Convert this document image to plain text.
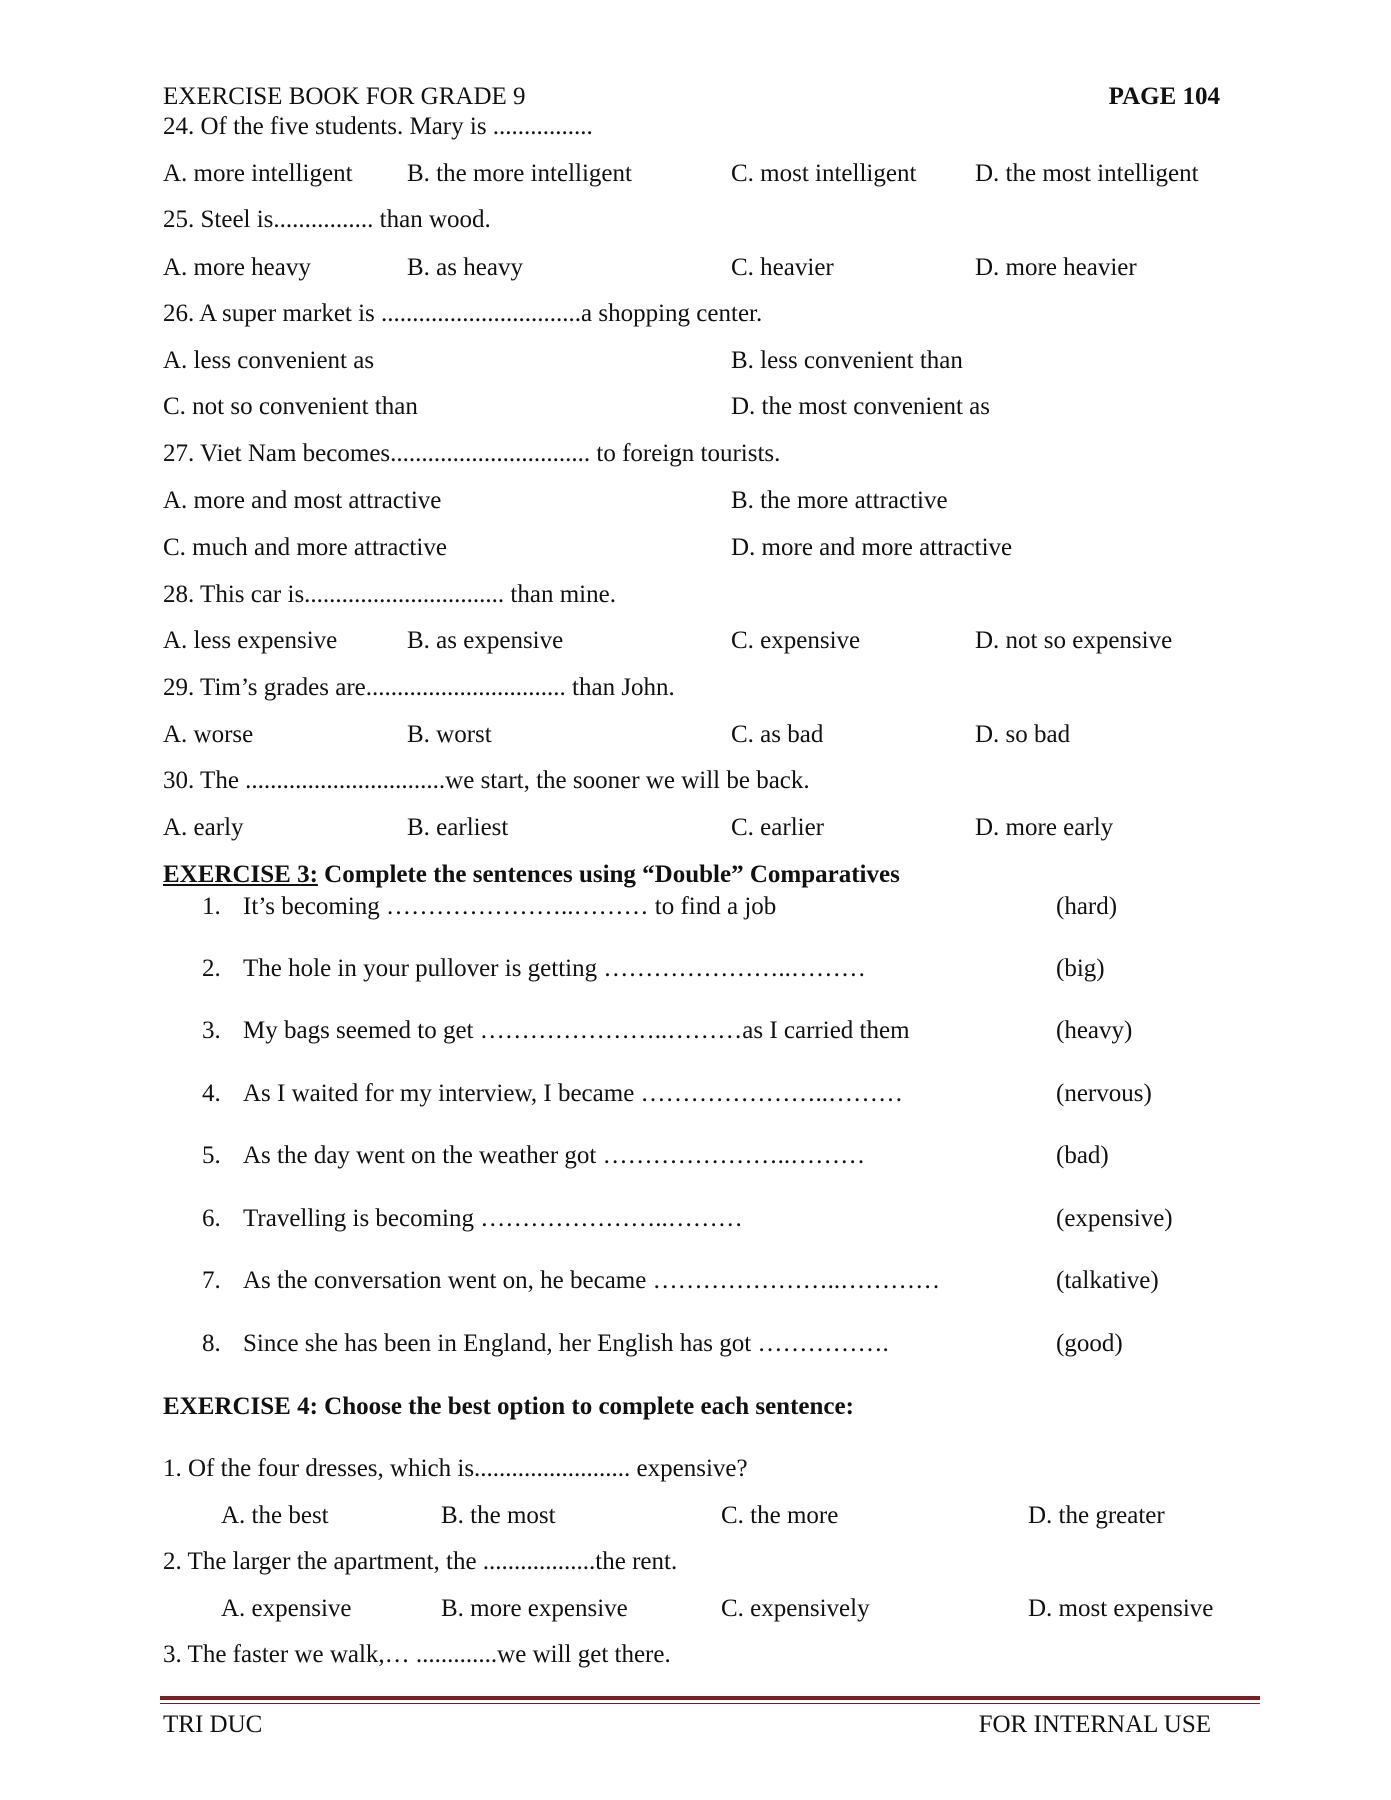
EXERCISE BOOK FOR GRADE 9	PAGE 104
24. Of the five students. Mary is ................
A. more intelligent B. the more intelligent	C. most intelligent D. the most intelligent
25. Steel is................ than wood.
A. more heavy	B. as heavy	C. heavier	D. more heavier
26. A super market is ................................a shopping center.
A. less convenient as	B. less convenient than
C. not so convenient than	D. the most convenient as
27. Viet Nam becomes................................ to foreign tourists.
A. more and most attractive	B. the more attractive
C. much and more attractive	D. more and more attractive
28. This car is................................ than mine.
A. less expensive	B. as expensive	C. expensive	D. not so expensive
29. Tim’s grades are................................ than John.
A. worse	B. worst	C. as bad	D. so bad
30. The ................................we start, the sooner we will be back.
A. early	B. earliest	C. earlier	D. more early
EXERCISE 3: Complete the sentences using “Double” Comparatives
1. It’s becoming …………………..……… to find a job	(hard)
2. The hole in your pullover is getting …………………..………	(big)
3. My bags seemed to get …………………..………as I carried them	(heavy)
4. As I waited for my interview, I became …………………..………	(nervous)
5. As the day went on the weather got …………………..………	(bad)
6. Travelling is becoming …………………..………	(expensive)
7. As the conversation went on, he became …………………..…………	(talkative)
8. Since she has been in England, her English has got …………….	(good)
EXERCISE 4: Choose the best option to complete each sentence:
1. Of the four dresses, which is......................... expensive?
A. the best	B. the most	C. the more	D. the greater
2. The larger the apartment, the ..................the rent.
A. expensive	B. more expensive	C. expensively	D. most expensive
3. The faster we walk,… .............we will get there.
TRI DUC	FOR INTERNAL USE
